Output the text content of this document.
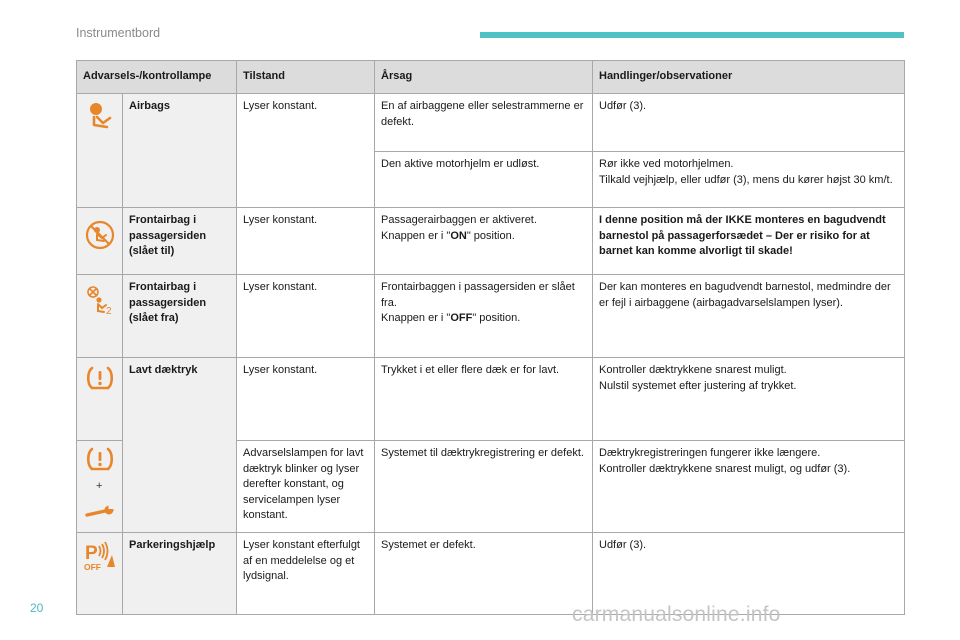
Instrumentbord
Advarsels-/kontrollampe		Tilstand	Årsag	Handlinger/observationer

	Airbags	Lyser konstant.	En af airbaggene eller selestrammerne er defekt.	Udfør (3).
			Den aktive motorhjelm er udløst.	Rør ikke ved motorhjelmen.
Tilkald vejhjælp, eller udfør (3), mens du kører højst 30 km/t.

	Frontairbag i passagersiden (slået til)	Lyser konstant.	Passagerairbaggen er aktiveret.
Knappen er i "ON" position.	I denne position må der IKKE monteres en bagudvendt barnestol på passagerforsædet – Der er risiko for at barnet kan komme alvorligt til skade!

2	Frontairbag i passagersiden (slået fra)	Lyser konstant.	Frontairbaggen i passagersiden er slået fra.
Knappen er i "OFF" position.	Der kan monteres en bagudvendt barnestol, medmindre der er fejl i airbaggene (airbagadvarselslampen lyser).

	Lavt dæktryk	Lyser konstant.	Trykket i et eller flere dæk er for lavt.	Kontroller dæktrykkene snarest muligt.
Nulstil systemet efter justering af trykket.

+		Advarselslampen for lavt dæktryk blinker og lyser derefter konstant, og servicelampen lyser konstant.	Systemet til dæktrykregistrering er defekt.	Dæktrykregistreringen fungerer ikke længere.
Kontroller dæktrykkene snarest muligt, og udfør (3).

P
OFF	Parkeringshjælp	Lyser konstant efterfulgt af en meddelelse og et lydsignal.	Systemet er defekt.	Udfør (3).
20	carmanualsonline.info
